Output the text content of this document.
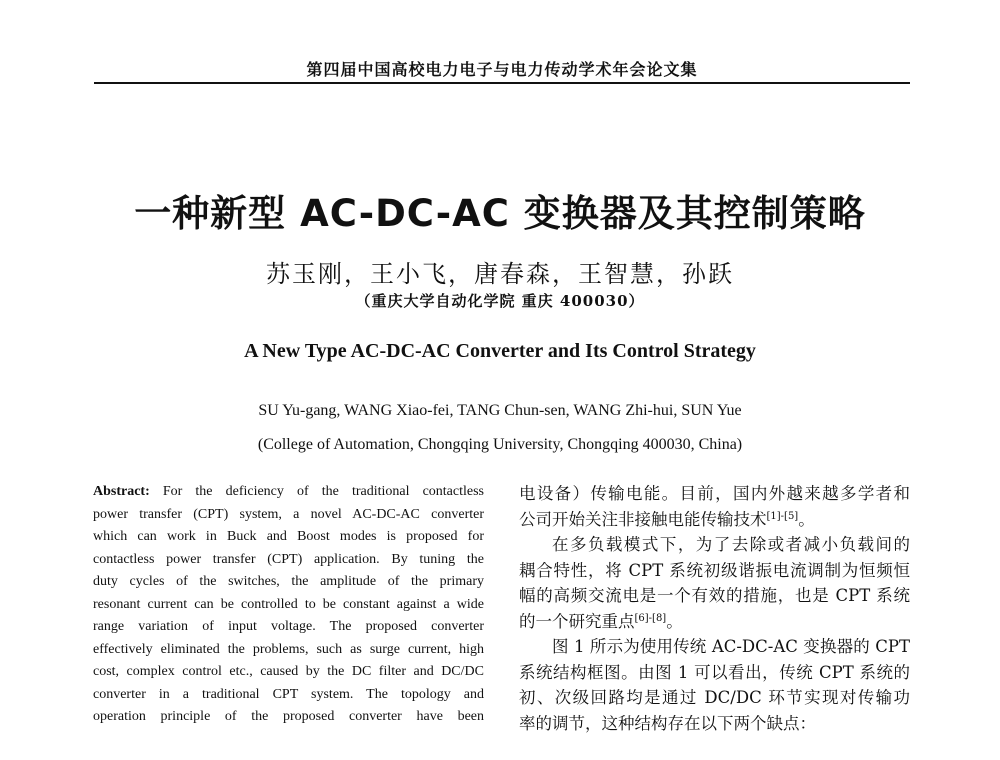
第四届中国高校电力电子与电力传动学术年会论文集
一种新型 AC-DC-AC 变换器及其控制策略
苏玉刚，王小飞，唐春森，王智慧，孙跃
（重庆大学自动化学院 重庆 400030）
A New Type AC-DC-AC Converter and Its Control Strategy
SU Yu-gang, WANG Xiao-fei, TANG Chun-sen, WANG Zhi-hui, SUN Yue
(College of Automation, Chongqing University, Chongqing 400030, China)
Abstract: For the deficiency of the traditional contactless
power transfer (CPT) system, a novel AC-DC-AC converter
which can work in Buck and Boost modes is proposed for
contactless power transfer (CPT) application. By tuning the
duty cycles of the switches, the amplitude of the primary
resonant current can be controlled to be constant against a wide
range variation of input voltage. The proposed converter
effectively eliminated the problems, such as surge current, high
cost, complex control etc., caused by the DC filter and DC/DC
converter in a traditional CPT system. The topology and
operation principle of the proposed converter have been
电设备）传输电能。目前，国内外越来越多学者和
公司开始关注非接触电能传输技术[1]-[5]。
在多负载模式下，为了去除或者减小负载间的
耦合特性，将 CPT 系统初级谐振电流调制为恒频恒
幅的高频交流电是一个有效的措施，也是 CPT 系统
的一个研究重点[6]-[8]。
图 1 所示为使用传统 AC-DC-AC 变换器的 CPT
系统结构框图。由图 1 可以看出，传统 CPT 系统的
初、次级回路均是通过 DC/DC 环节实现对传输功
率的调节，这种结构存在以下两个缺点：
